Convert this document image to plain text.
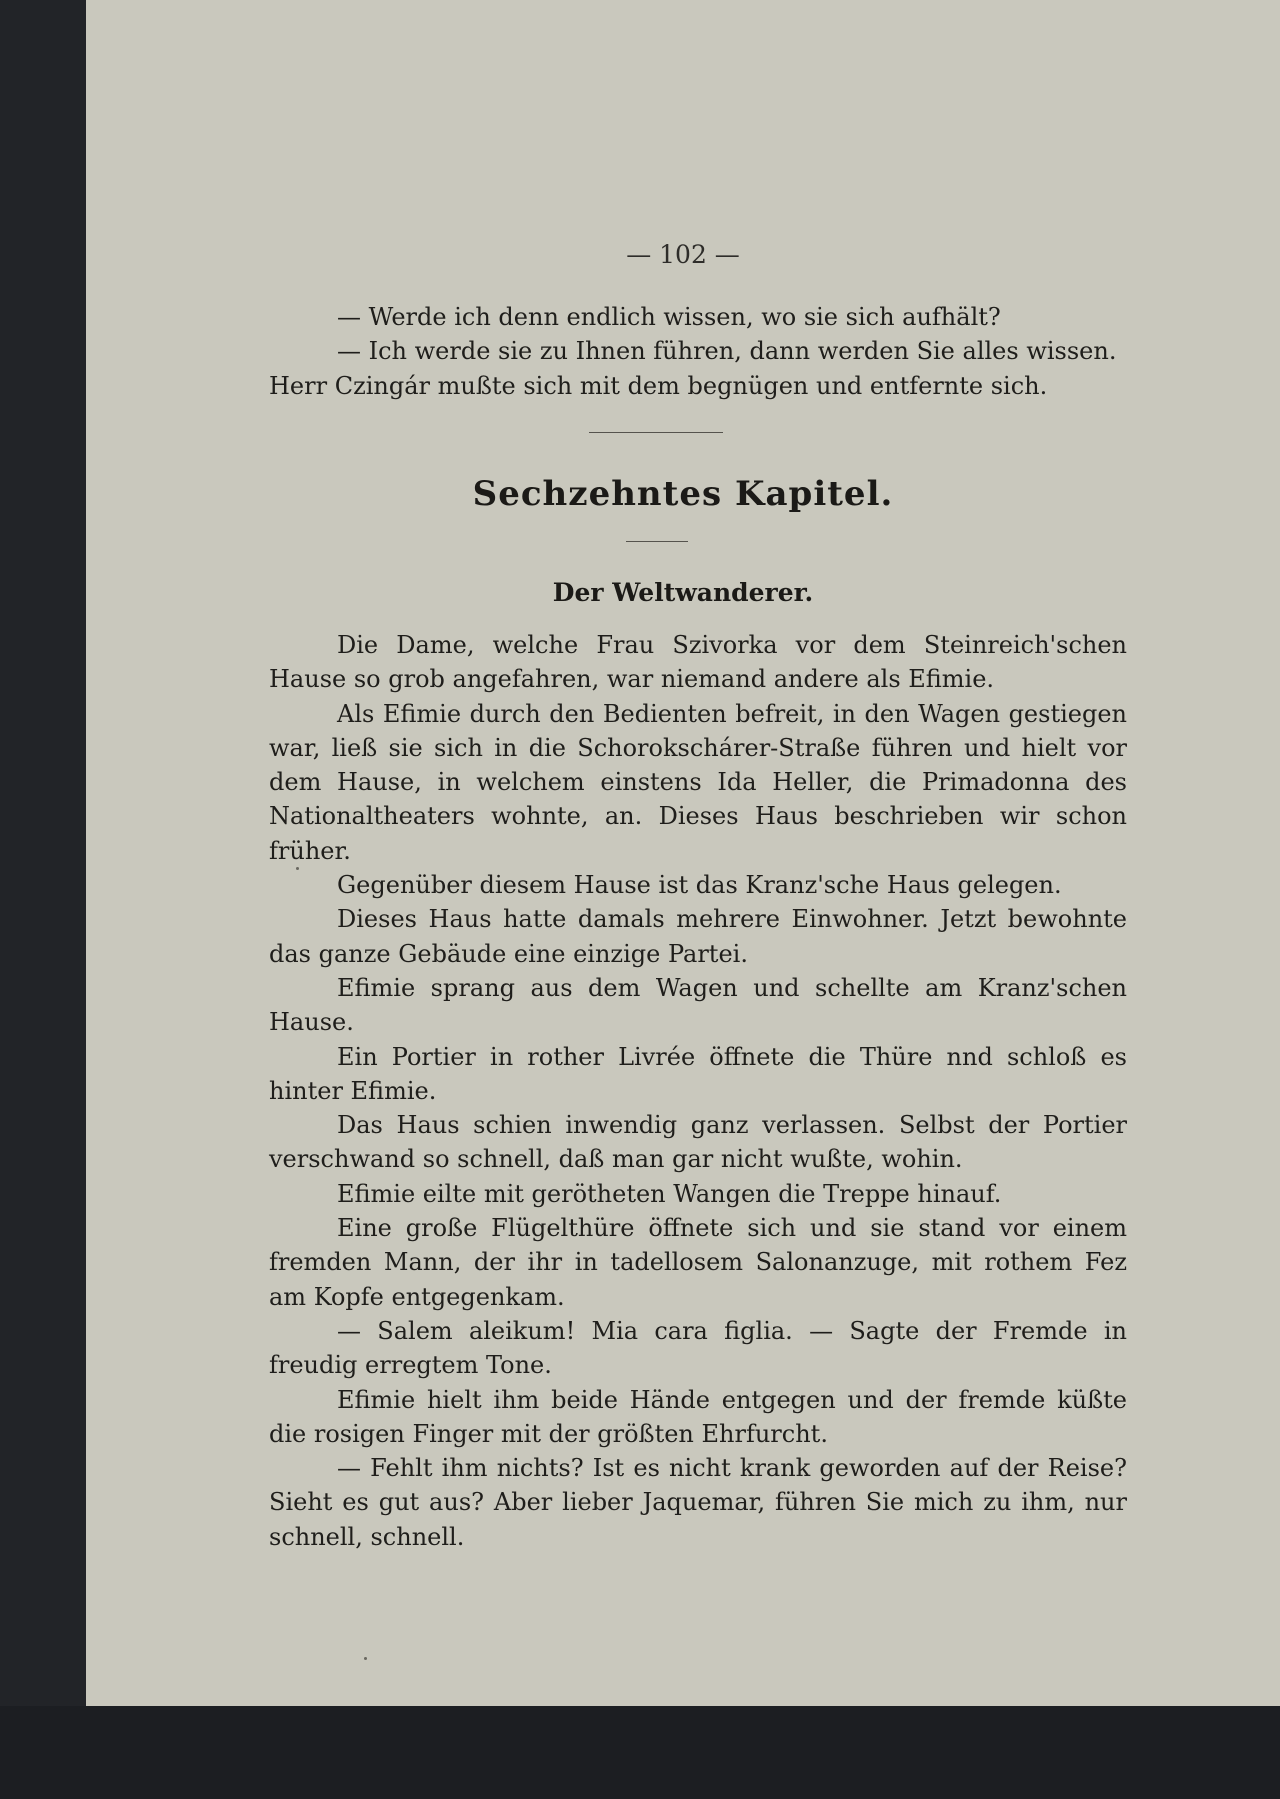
— 102 —

— Werde ich denn endlich wissen, wo sie sich aufhält?

— Ich werde sie zu Ihnen führen, dann werden Sie alles wissen.

Herr Czingár mußte sich mit dem begnügen und entfernte sich.

Sechzehntes Kapitel.
Der Weltwanderer.

Die Dame, welche Frau Szivorka vor dem Steinreich'schen Hause so grob angefahren, war niemand andere als Efimie.

Als Efimie durch den Bedienten befreit, in den Wagen gestiegen war, ließ sie sich in die Schorokschárer-Straße führen und hielt vor dem Hause, in welchem einstens Ida Heller, die Primadonna des Nationaltheaters wohnte, an. Dieses Haus beschrieben wir schon früher.

Gegenüber diesem Hause ist das Kranz'sche Haus gelegen.

Dieses Haus hatte damals mehrere Einwohner. Jetzt bewohnte das ganze Gebäude eine einzige Partei.

Efimie sprang aus dem Wagen und schellte am Kranz'schen Hause.

Ein Portier in rother Livrée öffnete die Thüre nnd schloß es hinter Efimie.

Das Haus schien inwendig ganz verlassen. Selbst der Portier verschwand so schnell, daß man gar nicht wußte, wohin.

Efimie eilte mit gerötheten Wangen die Treppe hinauf.

Eine große Flügelthüre öffnete sich und sie stand vor einem fremden Mann, der ihr in tadellosem Salonanzuge, mit rothem Fez am Kopfe entgegenkam.

— Salem aleikum! Mia cara figlia. — Sagte der Fremde in freudig erregtem Tone.

Efimie hielt ihm beide Hände entgegen und der fremde küßte die rosigen Finger mit der größten Ehrfurcht.

— Fehlt ihm nichts? Ist es nicht krank geworden auf der Reise? Sieht es gut aus? Aber lieber Jaquemar, führen Sie mich zu ihm, nur schnell, schnell.
